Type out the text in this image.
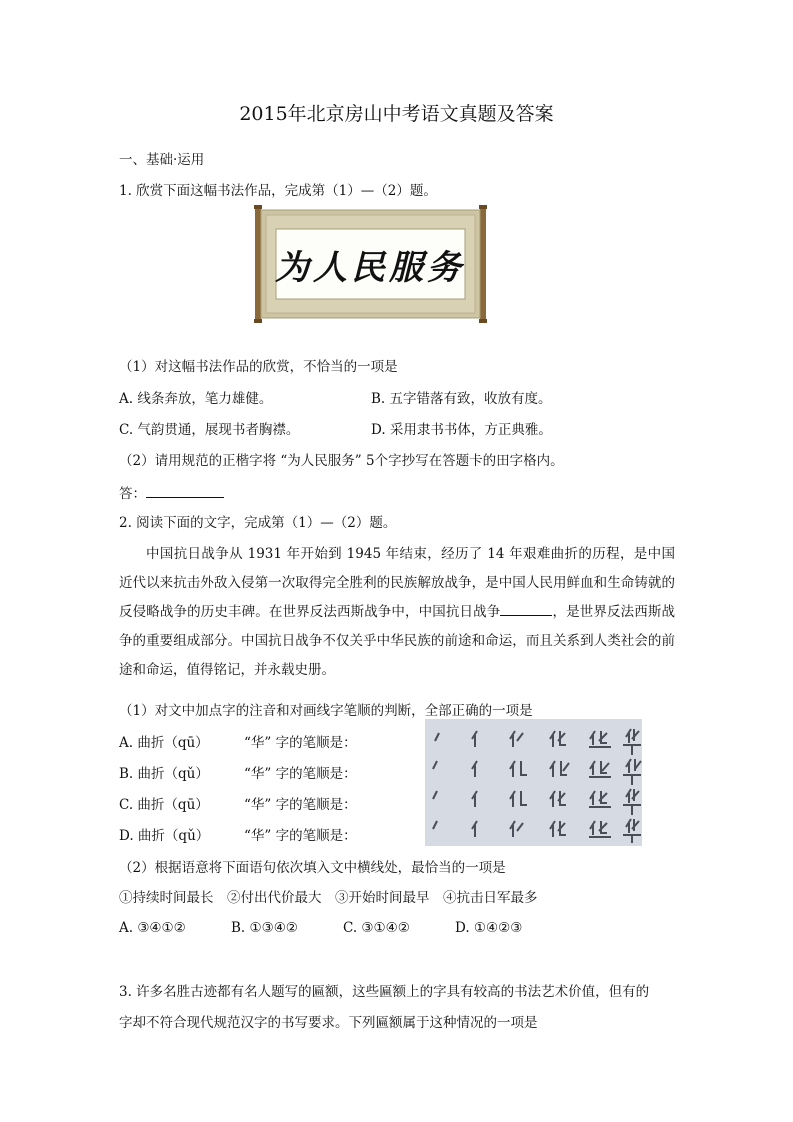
2015年北京房山中考语文真题及答案
一、基础·运用
1. 欣赏下面这幅书法作品，完成第（1）—（2）题。
为人民服务
（1）对这幅书法作品的欣赏，不恰当的一项是
A. 线条奔放，笔力雄健。	B. 五字错落有致，收放有度。
C. 气韵贯通，展现书者胸襟。	D. 采用隶书书体，方正典雅。
（2）请用规范的正楷字将 “为人民服务” 5个字抄写在答题卡的田字格内。
答：
2. 阅读下面的文字，完成第（1）—（2）题。
中国抗日战争从 1931 年开始到 1945 年结束，经历了 14 年艰难曲折的历程，是中国近代以来抗击外敌入侵第一次取得完全胜利的民族解放战争，是中国人民用鲜血和生命铸就的反侵略战争的历史丰碑。在世界反法西斯战争中，中国抗日战争	，是世界反法西斯战争的重要组成部分。中国抗日战争不仅关乎中华民族的前途和命运，而且关系到人类社会的前途和命运，值得铭记，并永载史册。
（1）对文中加点字的注音和对画线字笔顺的判断，全部正确的一项是
A. 曲折（qū）	“华” 字的笔顺是：
B. 曲折（qǔ）	“华” 字的笔顺是：
C. 曲折（qū）	“华” 字的笔顺是：
D. 曲折（qǔ）	“华” 字的笔顺是：
（2）根据语意将下面语句依次填入文中横线处，最恰当的一项是
①持续时间最长　②付出代价最大　③开始时间最早　④抗击日军最多
A. ③④①②	B. ①③④②	C. ③①④②	D. ①④②③
3. 许多名胜古迹都有名人题写的匾额，这些匾额上的字具有较高的书法艺术价值，但有的
字却不符合现代规范汉字的书写要求。下列匾额属于这种情况的一项是
